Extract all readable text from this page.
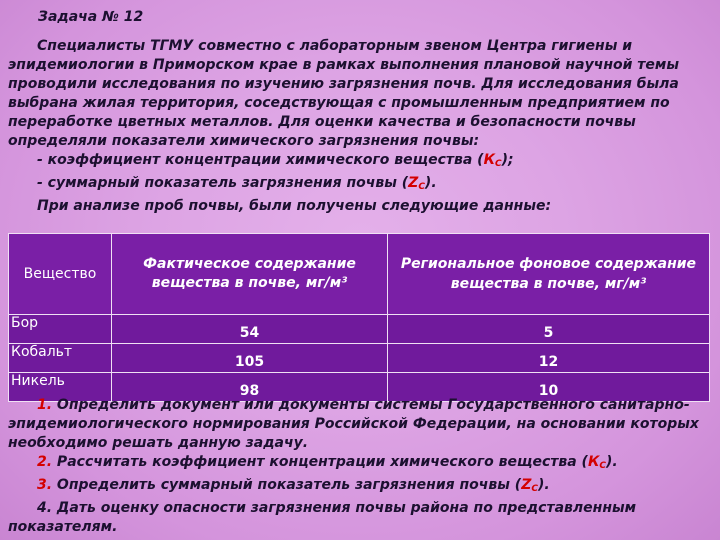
Задача № 12

Специалисты ТГМУ совместно с лабораторным звеном Центра гигиены и эпидемиологии в Приморском крае в рамках выполнения плановой научной темы проводили исследования по изучению загрязнения почв. Для исследования была выбрана жилая территория, соседствующая с промышленным предприятием по переработке цветных металлов. Для оценки качества и безопасности почвы определяли показатели химического загрязнения почвы:

- коэффициент концентрации химического вещества $(К_С)$;

- суммарный показатель загрязнения почвы $(Z_С)$.

При анализе проб почвы, были получены следующие данные:

Вещество	Фактическое содержание вещества в почве, мг/м³	Региональное фоновое содержание вещества в почве, мг/м³
Бор	54	5
Кобальт	105	12
Никель	98	10

1. Определить документ или документы системы Государственного санитарно-эпидемиологического нормирования Российской Федерации, на основании которых необходимо решать данную задачу.

2. Рассчитать коэффициент концентрации химического вещества $(К_С)$.

3. Определить суммарный показатель загрязнения почвы $(Z_С)$.

4. Дать оценку опасности загрязнения почвы района по представленным показателям.
